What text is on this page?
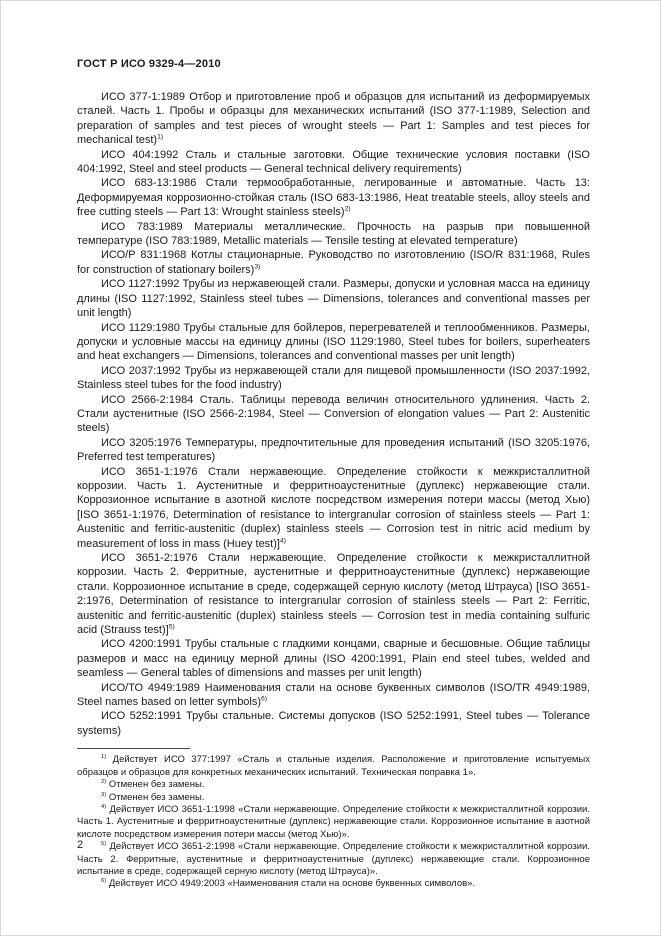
ГОСТ Р ИСО 9329-4—2010

ИСО 377-1:1989 Отбор и приготовление проб и образцов для испытаний из деформируемых сталей. Часть 1. Пробы и образцы для механических испытаний (ISO 377-1:1989, Selection and preparation of samples and test pieces of wrought steels — Part 1: Samples and test pieces for mechanical test)$^{1)}$

ИСО 404:1992 Сталь и стальные заготовки. Общие технические условия поставки (ISO 404:1992, Steel and steel products — General technical delivery requirements)

ИСО 683-13:1986 Стали термообработанные, легированные и автоматные. Часть 13: Деформируемая коррозионно-стойкая сталь (ISO 683-13:1986, Heat treatable steels, alloy steels and free cutting steels — Part 13: Wrought stainless steels)$^{2)}$

ИСО 783:1989 Материалы металлические. Прочность на разрыв при повышенной температуре (ISO 783:1989, Metallic materials — Tensile testing at elevated temperature)

ИСО/Р 831:1968 Котлы стационарные. Руководство по изготовлению (ISO/R 831:1968, Rules for construction of stationary boilers)$^{3)}$

ИСО 1127:1992 Трубы из нержавеющей стали. Размеры, допуски и условная масса на единицу длины (ISO 1127:1992, Stainless steel tubes — Dimensions, tolerances and conventional masses per unit length)

ИСО 1129:1980 Трубы стальные для бойлеров, перегревателей и теплообменников. Размеры, допуски и условные массы на единицу длины (ISO 1129:1980, Steel tubes for boilers, superheaters and heat exchangers — Dimensions, tolerances and conventional masses per unit length)

ИСО 2037:1992 Трубы из нержавеющей стали для пищевой промышленности (ISO 2037:1992, Stainless steel tubes for the food industry)

ИСО 2566-2:1984 Сталь. Таблицы перевода величин относительного удлинения. Часть 2. Стали аустенитные (ISO 2566-2:1984, Steel — Conversion of elongation values — Part 2: Austenitic steels)

ИСО 3205:1976 Температуры, предпочтительные для проведения испытаний (ISO 3205:1976, Preferred test temperatures)

ИСО 3651-1:1976 Стали нержавеющие. Определение стойкости к межкристаллитной коррозии. Часть 1. Аустенитные и ферритноаустенитные (дуплекс) нержавеющие стали. Коррозионное испытание в азотной кислоте посредством измерения потери массы (метод Хью) [ISO 3651-1:1976, Determination of resistance to intergranular corrosion of stainless steels — Part 1: Austenitic and ferritic-austenitic (duplex) stainless steels — Corrosion test in nitric acid medium by measurement of loss in mass (Huey test)]$^{4)}$

ИСО 3651-2:1976 Стали нержавеющие. Определение стойкости к межкристаллитной коррозии. Часть 2. Ферритные, аустенитные и ферритноаустенитные (дуплекс) нержавеющие стали. Коррозионное испытание в среде, содержащей серную кислоту (метод Штрауса) [ISO 3651-2:1976, Determination of resistance to intergranular corrosion of stainless steels — Part 2: Ferritic, austenitic and ferritic-austenitic (duplex) stainless steels — Corrosion test in media containing sulfuric acid (Strauss test)]$^{5)}$

ИСО 4200:1991 Трубы стальные с гладкими концами, сварные и бесшовные. Общие таблицы размеров и масс на единицу мерной длины (ISO 4200:1991, Plain end steel tubes, welded and seamless — General tables of dimensions and masses per unit length)

ИСО/ТО 4949:1989 Наименования стали на основе буквенных символов (ISO/TR 4949:1989, Steel names based on letter symbols)$^{6)}$

ИСО 5252:1991 Трубы стальные. Системы допусков (ISO 5252:1991, Steel tubes — Tolerance systems)

$^{1)}$ Действует ИСО 377:1997 «Сталь и стальные изделия. Расположение и приготовление испытуемых образцов и образцов для конкретных механических испытаний. Техническая поправка 1».

$^{2)}$ Отменен без замены.

$^{3)}$ Отменен без замены.

$^{4)}$ Действует ИСО 3651-1:1998 «Стали нержавеющие. Определение стойкости к межкристаллитной коррозии. Часть 1. Аустенитные и ферритноаустенитные (дуплекс) нержавеющие стали. Коррозионное испытание в азотной кислоте посредством измерения потери массы (метод Хью)».

$^{5)}$ Действует ИСО 3651-2:1998 «Стали нержавеющие. Определение стойкости к межкристаллитной коррозии. Часть 2. Ферритные, аустенитные и ферритноаустенитные (дуплекс) нержавеющие стали. Коррозионное испытание в среде, содержащей серную кислоту (метод Штрауса)».

$^{6)}$ Действует ИСО 4949:2003 «Наименования стали на основе буквенных символов».

2
